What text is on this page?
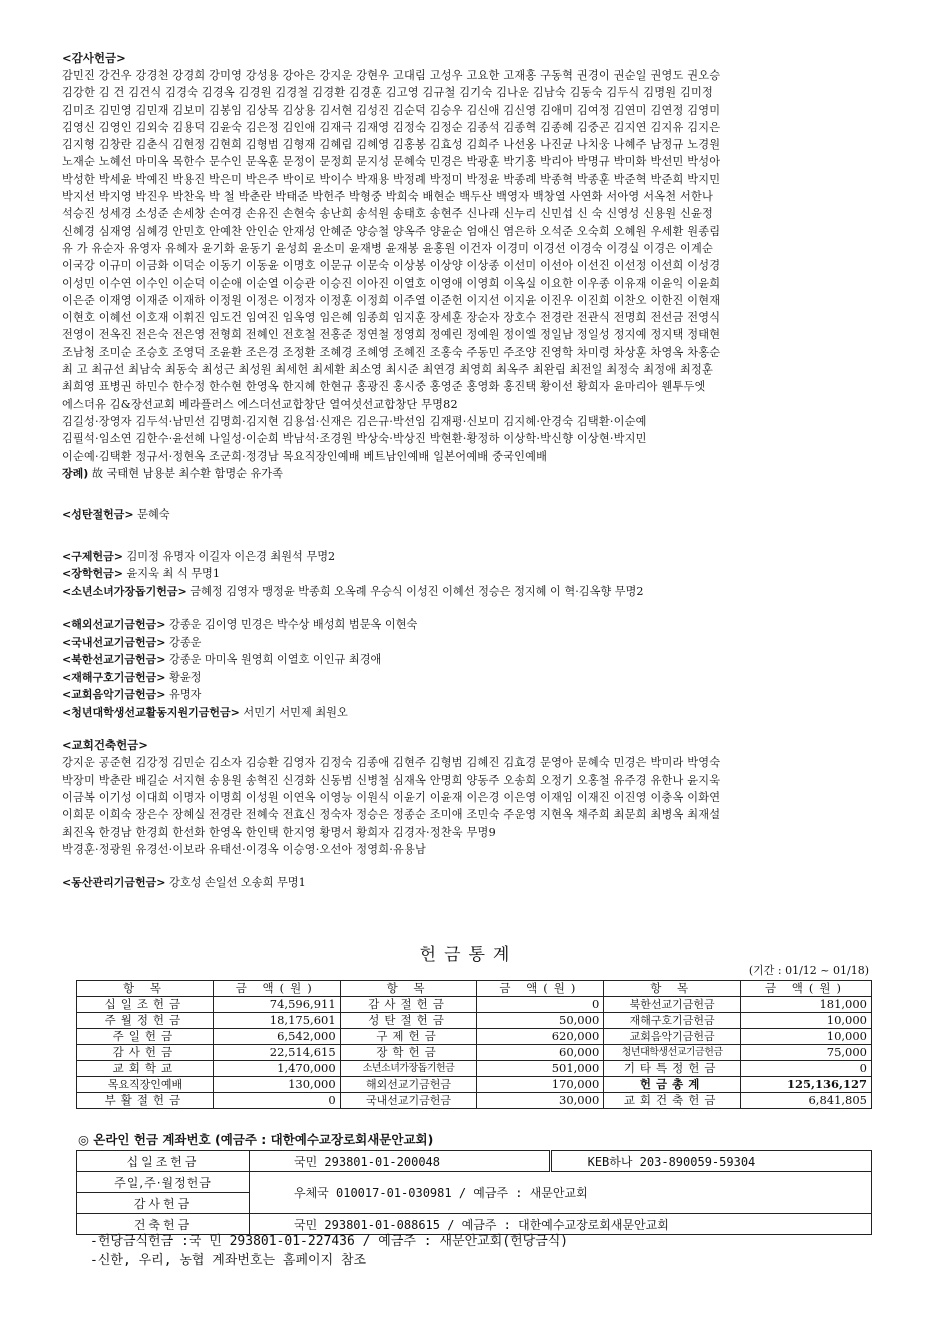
<감사헌금>
감민진 강건우 강경천 강경희 강미영 강성용 강아은 강지운 강현우 고대림 고성우 고요한 고재홍 구동혁 권경이 권순일 권영도 권오승
김강한 김 건 김건식 김경숙 김경옥 김경원 김경철 김경환 김경훈 김고영 김규철 김기숙 김나운 김남숙 김동숙 김두식 김명원 김미정
김미조 김민영 김민재 김보미 김봉임 김상목 김상용 김서현 김성진 김순덕 김승우 김신애 김신영 김애미 김여정 김연미 김연정 김영미
김영신 김영인 김외숙 김용덕 김윤숙 김은정 김인애 김재극 김재영 김정숙 김정순 김종석 김종혁 김종혜 김중곤 김지연 김지유 김지은
김지형 김창란 김춘식 김현정 김현희 김형범 김형재 김혜림 김혜영 김홍봉 김효성 김희주 나선옹 나진균 나치웅 나혜주 남정규 노경원
노재순 노혜선 마미옥 목한수 문수인 문옥훈 문정이 문정희 문지성 문혜숙 민경은 박광훈 박기홍 박리아 박명규 박미화 박선민 박성아
박성한 박세윤 박예진 박용진 박은미 박은주 박이로 박이수 박재용 박정례 박정미 박정윤 박종례 박종혁 박종훈 박준혁 박준희 박지민
박지선 박지영 박진우 박찬욱 박 철 박춘란 박태준 박헌주 박형중 박희숙 배현순 백두산 백영자 백창열 사연화 서아영 서옥천 서한나
석승진 성세경 소성준 손세창 손여경 손유진 손현숙 송난희 송석원 송태호 송현주 신나래 신누리 신민섭 신 숙 신영성 신용원 신윤정
신혜경 심재영 심혜경 안민호 안예찬 안인순 안재성 안혜준 양승철 양옥주 양윤순 엄애신 염은하 오석준 오숙희 오혜원 우세환 원종림
유 가 유순자 유영자 유혜자 윤기화 윤동기 윤성희 윤소미 윤재병 윤재봉 윤홍원 이건자 이경미 이경선 이경숙 이경실 이경은 이계순
이국강 이규미 이금화 이덕순 이동기 이동윤 이명호 이문규 이문숙 이상봉 이상양 이상종 이선미 이선아 이선진 이선정 이선희 이성경
이성민 이수연 이수인 이순덕 이순애 이순열 이승관 이승진 이아진 이열호 이영애 이영희 이옥실 이요한 이우종 이유재 이윤익 이윤희
이은준 이재영 이재준 이재하 이정원 이정은 이정자 이정훈 이정희 이주열 이준헌 이지선 이지윤 이진우 이진희 이찬오 이한진 이현재
이현호 이혜선 이호재 이휘진 임도건 임여진 임옥영 임은혜 임종희 임지훈 장세훈 장순자 장호수 전경란 전관식 전명희 전선금 전영식
전영이 전옥진 전은숙 전은영 전형희 전혜인 전호철 전홍준 정연철 정영희 정예린 정예원 정이엘 정일남 정일성 정지예 정지택 정태현
조남청 조미순 조승호 조영덕 조윤환 조은경 조정환 조혜경 조혜영 조혜진 조홍숙 주동민 주조양 진영학 차미령 차상훈 차영옥 차홍순
최 고 최규선 최남숙 최동숙 최성근 최성원 최세헌 최세환 최소영 최시준 최연경 최영희 최옥주 최완림 최전일 최정숙 최정애 최정훈
최희영 표병권 하민수 한수정 한수현 한영옥 한지혜 한현규 홍광진 홍시중 홍영준 홍영화 홍진택 황이선 황희자 윤마리아 웬투두엣
에스더유 김&장선교회 베라플러스 에스더선교합창단 열여섯선교합창단 무명82
김길성·장영자 김두석·남민선 김명희·김지현 김용섭·신재은 김은규·박선임 김재평·신보미 김지혜·안경숙 김택환·이순예
김필석·임소연 김한수·윤선혜 나일성·이순희 박남석·조경원 박상숙·박상진 박현환·황정하 이상학·박신향 이상현·박지민
이순예·김택환 정규서·정현옥 조군희·정경남 목요직장인예배 베트남인예배 일본어예배 중국인예배
장례) 故 국태현 남용분 최수환 함명순 유가족
<성탄절헌금> 문혜숙
<구제헌금> 김미정 유명자 이길자 이은경 최원석 무명2
<장학헌금> 윤지욱 최 식 무명1
<소년소녀가장돕기헌금> 금혜정 김영자 맹정윤 박종희 오옥례 우승식 이성진 이혜선 정승은 정지혜 이 혁·김옥향 무명2
<해외선교기금헌금> 강종운 김이영 민경은 박수상 배성희 범문옥 이현숙
<국내선교기금헌금> 강종운
<북한선교기금헌금> 강종운 마미옥 원영희 이열호 이인규 최경애
<재해구호기금헌금> 황윤정
<교회음악기금헌금> 유명자
<청년대학생선교활동지원기금헌금> 서민기 서민제 최원오
<교회건축헌금>
강지운 공준현 김강정 김민순 김소자 김승환 김영자 김정숙 김종애 김현주 김형범 김혜진 김효경 문영아 문혜숙 민경은 박미라 박영숙
박장미 박춘란 배길순 서지현 송용원 송혁진 신경화 신동범 신병철 심재옥 안명희 양동주 오송희 오정기 오홍철 유주경 유한나 윤지욱
이금복 이기성 이대희 이명자 이명희 이성원 이연옥 이영능 이원식 이윤기 이윤재 이은경 이은영 이재임 이재진 이진영 이충옥 이화연
이희문 이희숙 장은수 장혜실 전경란 전혜숙 전효신 정숙자 정승은 정종순 조미애 조민숙 주운영 지현옥 채주희 최문희 최병옥 최재설
최진옥 한경남 한경희 한선화 한영옥 한인택 한지영 황명서 황희자 김경자·정찬욱 무명9
박경훈·정광원 유경선·이보라 유태선·이경옥 이승영·오선아 정영희·유용남
<동산관리기금헌금> 강호성 손일선 오송희 무명1
헌금통계
(기간 : 01/12 ~ 01/18)
항 목	금 액(원)	항 목	금 액(원)	항 목	금 액(원)
십일조헌금	74,596,911	감사절헌금	0	북한선교기금헌금	181,000
주월정헌금	18,175,601	성탄절헌금	50,000	재해구호기금헌금	10,000
주일헌금	6,542,000	구제헌금	620,000	교회음악기금헌금	10,000
감사헌금	22,514,615	장학헌금	60,000	청년대학생선교기금헌금	75,000
교회학교	1,470,000	소년소녀가장돕기헌금	501,000	기타특정헌금	0
목요직장인예배	130,000	해외선교기금헌금	170,000	헌금총계	125,136,127
부활절헌금	0	국내선교기금헌금	30,000	교회건축헌금	6,841,805
◎ 온라인 헌금 계좌번호 (예금주 : 대한예수교장로회새문안교회)
십일조헌금	국민 293801-01-200048	KEB하나 203-890059-59304
주일,주·월정헌금	우체국 010017-01-030981 / 예금주 : 새문안교회	
감사헌금		
건축헌금	국민 293801-01-088615 / 예금주 : 대한예수교장로회새문안교회	
-헌당금식헌금 :국 민 293801-01-227436 / 예금주 : 새문안교회(헌당금식)
-신한, 우리, 농협 계좌번호는 홈페이지 참조
